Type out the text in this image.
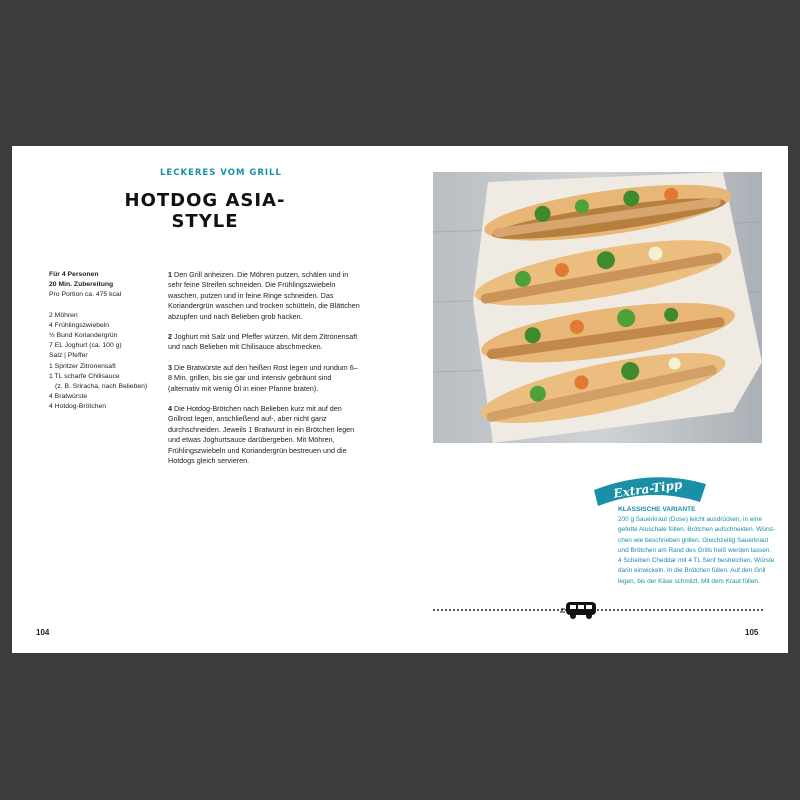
LECKERES VOM GRILL
HOTDOG ASIA-STYLE
Für 4 Personen
20 Min. Zubereitung
Pro Portion ca. 475 kcal
2 Möhren
4 Frühlingszwiebeln
½ Bund Koriandergrün
7 EL Joghurt (ca. 100 g)
Salz | Pfeffer
1 Spritzer Zitronensaft
1 TL scharfe Chilisauce
(z. B. Sriracha, nach Belieben)
4 Bratwürste
4 Hotdog-Brötchen

1 Den Grill anheizen. Die Möhren putzen, schälen und in sehr feine Streifen schneiden. Die Frühlingszwiebeln waschen, putzen und in feine Ringe schneiden. Das Koriandergrün waschen und trocken schütteln, die Blättchen abzupfen und nach Belieben grob hacken.

2 Joghurt mit Salz und Pfeffer würzen. Mit dem Zitronensaft und nach Belieben mit Chilisauce abschmecken.

3 Die Bratwürste auf den heißen Rost legen und rundum 6–8 Min. grillen, bis sie gar und intensiv gebräunt sind (alternativ mit wenig Öl in einer Pfanne braten).

4 Die Hotdog-Brötchen nach Belieben kurz mit auf den Grillrost legen, anschließend auf-, aber nicht ganz durchschneiden. Jeweils 1 Bratwurst in ein Brötchen legen und etwas Joghurtsauce darübergeben. Mit Möhren, Frühlingszwiebeln und Koriandergrün bestreuen und die Hotdogs gleich servieren.

104
Extra-Tipp
KLASSISCHE VARIANTE
200 g Sauerkraut (Dose) leicht ausdrücken, in eine
gefette Aluschale füllen. Brötchen aufschneiden. Würst-
chen wie beschrieben grillen. Gleichzeitig Sauerkraut
und Brötchen am Rand des Grills heiß werden lassen.
4 Scheiben Cheddar mit 4 TL Senf bestreichen, Würste
darin einwickeln. In die Brötchen füllen. Auf den Grill
legen, bis der Käse schmilzt. Mit dem Kraut füllen.
105
